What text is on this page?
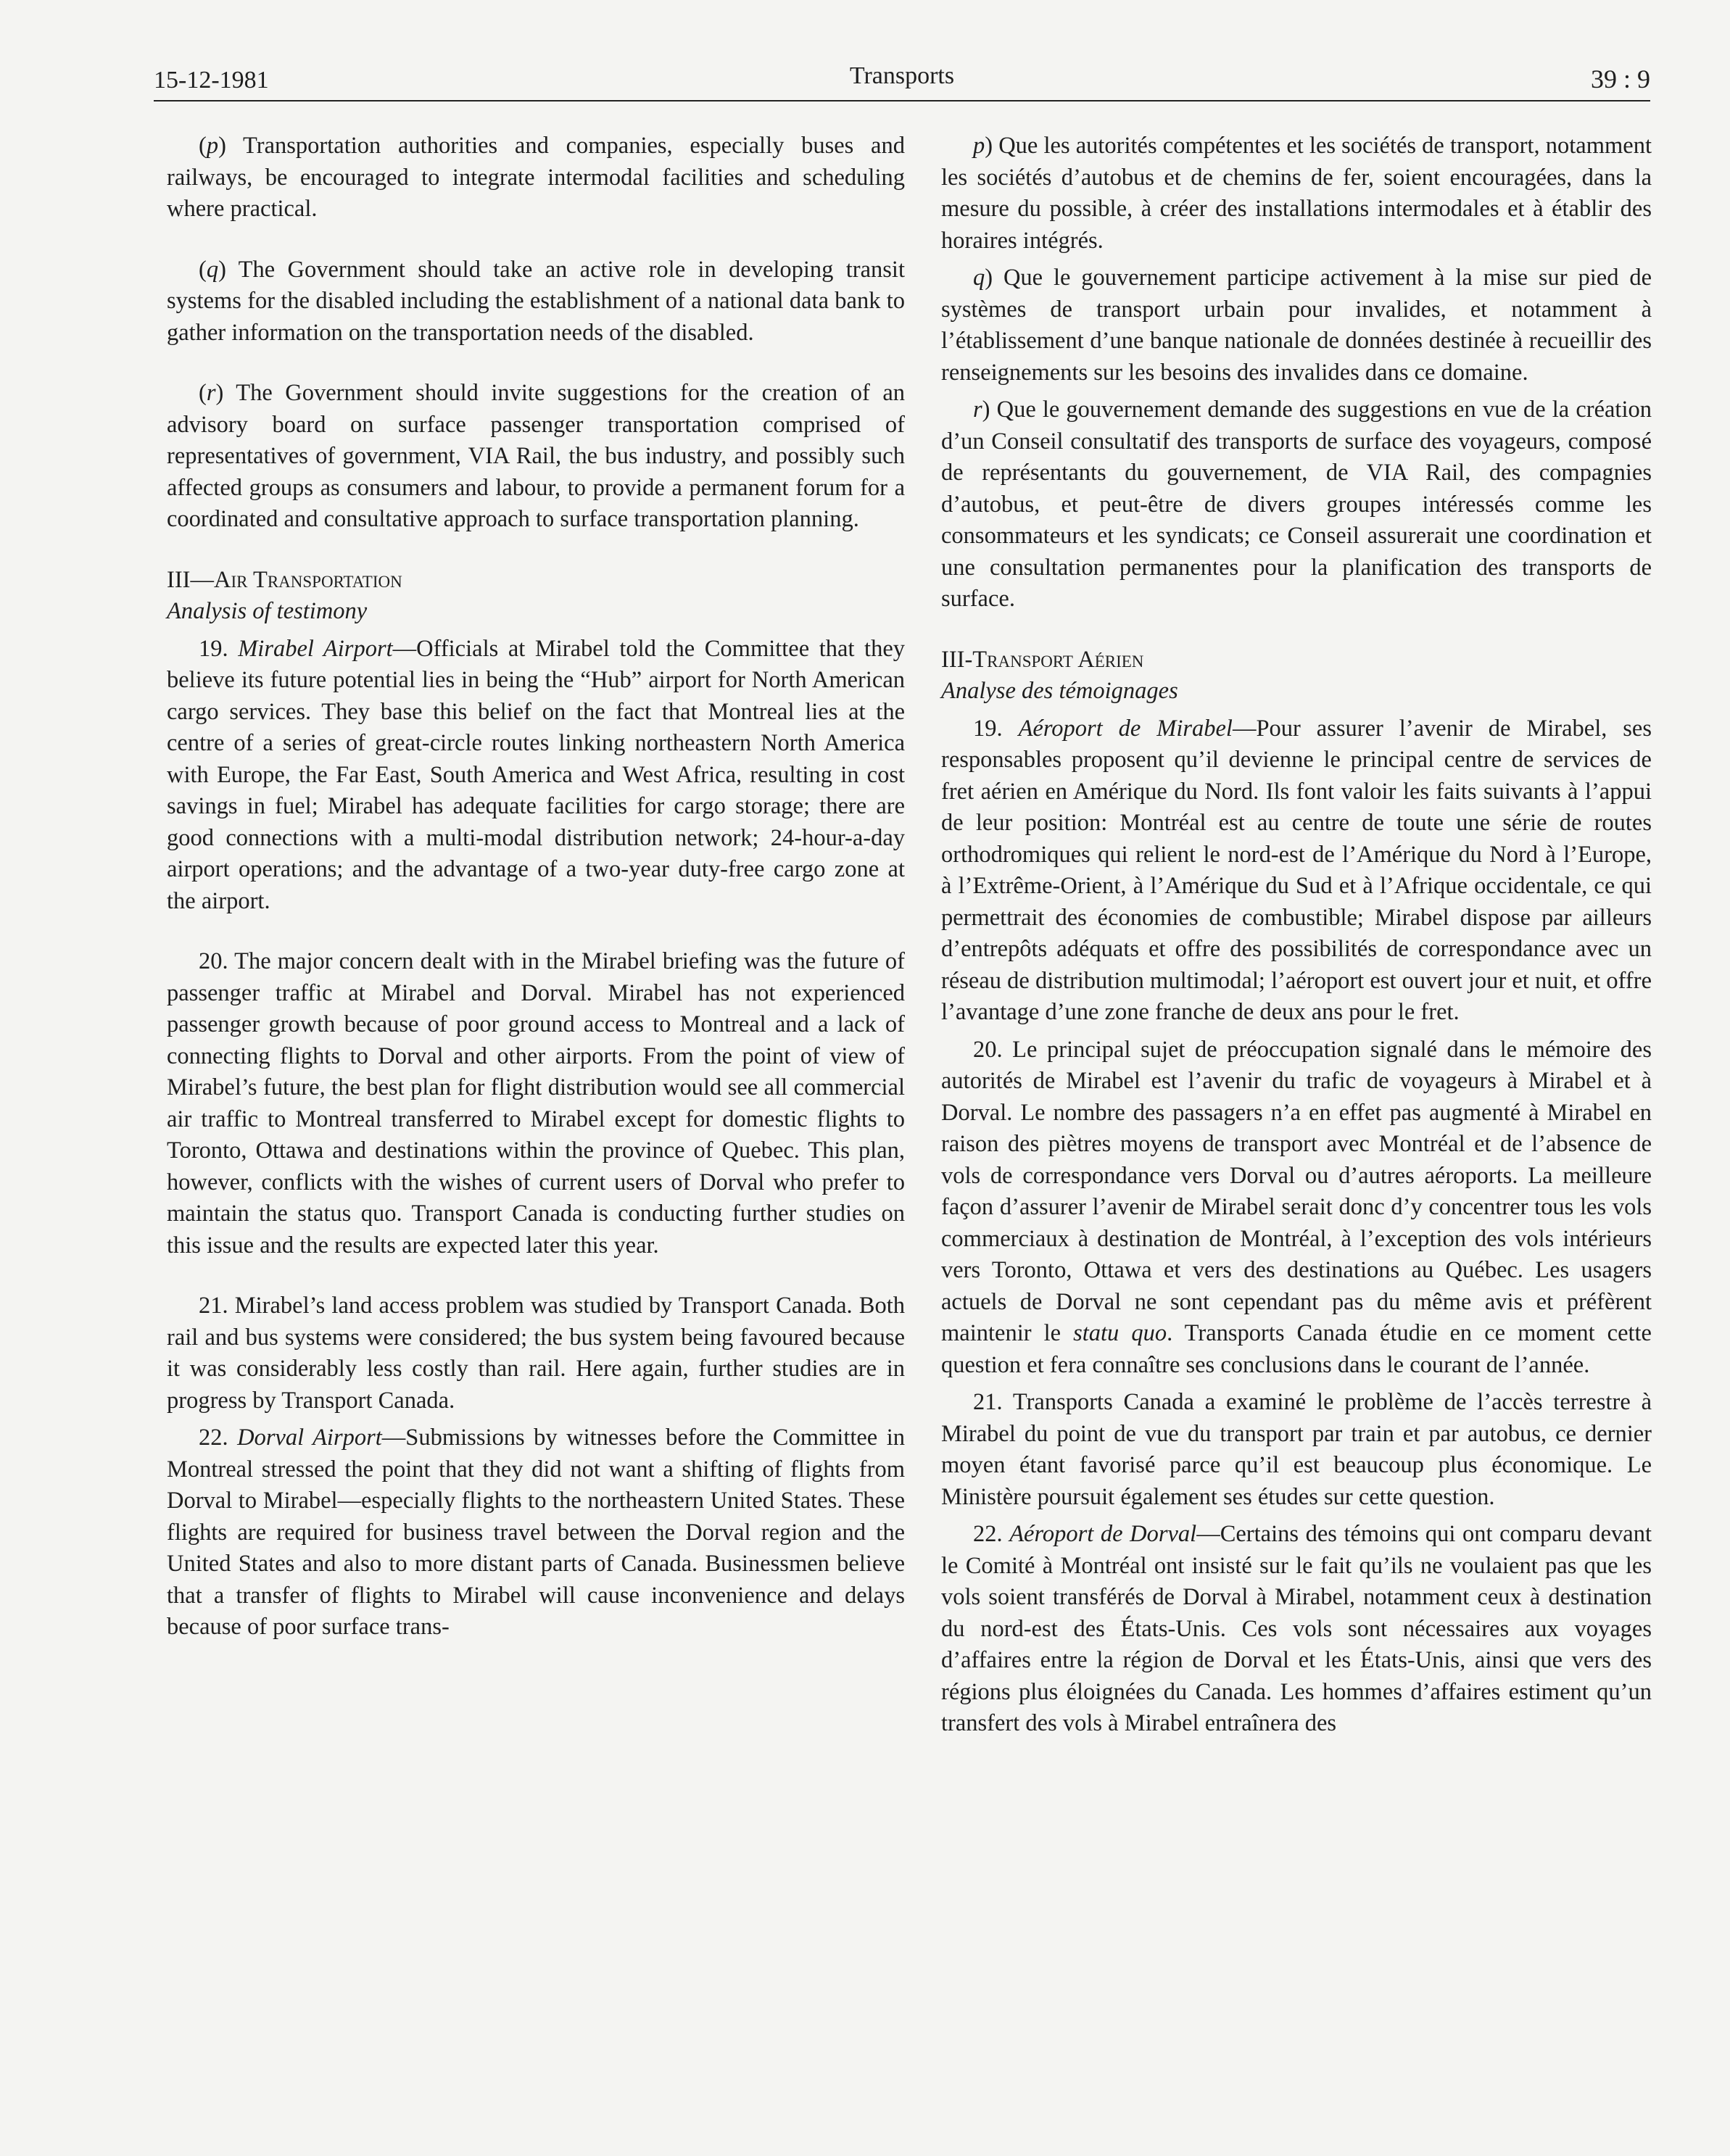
15-12-1981	Transports	39 : 9

(p) Transportation authorities and companies, especially buses and railways, be encouraged to integrate intermodal facilities and scheduling where practical.

(q) The Government should take an active role in developing transit systems for the disabled including the establishment of a national data bank to gather information on the transportation needs of the disabled.

(r) The Government should invite suggestions for the creation of an advisory board on surface passenger transportation comprised of representatives of government, VIA Rail, the bus industry, and possibly such affected groups as consumers and labour, to provide a permanent forum for a coordinated and consultative approach to surface transportation planning.

III—Air Transportation
Analysis of testimony

19. Mirabel Airport—Officials at Mirabel told the Committee that they believe its future potential lies in being the “Hub” airport for North American cargo services. They base this belief on the fact that Montreal lies at the centre of a series of great-circle routes linking northeastern North America with Europe, the Far East, South America and West Africa, resulting in cost savings in fuel; Mirabel has adequate facilities for cargo storage; there are good connections with a multi-modal distribution network; 24-hour-a-day airport operations; and the advantage of a two-year duty-free cargo zone at the airport.

20. The major concern dealt with in the Mirabel briefing was the future of passenger traffic at Mirabel and Dorval. Mirabel has not experienced passenger growth because of poor ground access to Montreal and a lack of connecting flights to Dorval and other airports. From the point of view of Mirabel’s future, the best plan for flight distribution would see all commercial air traffic to Montreal transferred to Mirabel except for domestic flights to Toronto, Ottawa and destinations within the province of Quebec. This plan, however, conflicts with the wishes of current users of Dorval who prefer to maintain the status quo. Transport Canada is conducting further studies on this issue and the results are expected later this year.

21. Mirabel’s land access problem was studied by Transport Canada. Both rail and bus systems were considered; the bus system being favoured because it was considerably less costly than rail. Here again, further studies are in progress by Transport Canada.

22. Dorval Airport—Submissions by witnesses before the Committee in Montreal stressed the point that they did not want a shifting of flights from Dorval to Mirabel—especially flights to the northeastern United States. These flights are required for business travel between the Dorval region and the United States and also to more distant parts of Canada. Businessmen believe that a transfer of flights to Mirabel will cause inconvenience and delays because of poor surface trans-

p) Que les autorités compétentes et les sociétés de transport, notamment les sociétés d’autobus et de chemins de fer, soient encouragées, dans la mesure du possible, à créer des installations intermodales et à établir des horaires intégrés.

q) Que le gouvernement participe activement à la mise sur pied de systèmes de transport urbain pour invalides, et notamment à l’établissement d’une banque nationale de données destinée à recueillir des renseignements sur les besoins des invalides dans ce domaine.

r) Que le gouvernement demande des suggestions en vue de la création d’un Conseil consultatif des transports de surface des voyageurs, composé de représentants du gouvernement, de VIA Rail, des compagnies d’autobus, et peut-être de divers groupes intéressés comme les consommateurs et les syndicats; ce Conseil assurerait une coordination et une consultation permanentes pour la planification des transports de surface.

III-Transport Aérien
Analyse des témoignages

19. Aéroport de Mirabel—Pour assurer l’avenir de Mirabel, ses responsables proposent qu’il devienne le principal centre de services de fret aérien en Amérique du Nord. Ils font valoir les faits suivants à l’appui de leur position: Montréal est au centre de toute une série de routes orthodromiques qui relient le nord-est de l’Amérique du Nord à l’Europe, à l’Extrême-Orient, à l’Amérique du Sud et à l’Afrique occidentale, ce qui permettrait des économies de combustible; Mirabel dispose par ailleurs d’entrepôts adéquats et offre des possibilités de correspondance avec un réseau de distribution multimodal; l’aéroport est ouvert jour et nuit, et offre l’avantage d’une zone franche de deux ans pour le fret.

20. Le principal sujet de préoccupation signalé dans le mémoire des autorités de Mirabel est l’avenir du trafic de voyageurs à Mirabel et à Dorval. Le nombre des passagers n’a en effet pas augmenté à Mirabel en raison des piètres moyens de transport avec Montréal et de l’absence de vols de correspondance vers Dorval ou d’autres aéroports. La meilleure façon d’assurer l’avenir de Mirabel serait donc d’y concentrer tous les vols commerciaux à destination de Montréal, à l’exception des vols intérieurs vers Toronto, Ottawa et vers des destinations au Québec. Les usagers actuels de Dorval ne sont cependant pas du même avis et préfèrent maintenir le statu quo. Transports Canada étudie en ce moment cette question et fera connaître ses conclusions dans le courant de l’année.

21. Transports Canada a examiné le problème de l’accès terrestre à Mirabel du point de vue du transport par train et par autobus, ce dernier moyen étant favorisé parce qu’il est beaucoup plus économique. Le Ministère poursuit également ses études sur cette question.

22. Aéroport de Dorval—Certains des témoins qui ont comparu devant le Comité à Montréal ont insisté sur le fait qu’ils ne voulaient pas que les vols soient transférés de Dorval à Mirabel, notamment ceux à destination du nord-est des États-Unis. Ces vols sont nécessaires aux voyages d’affaires entre la région de Dorval et les États-Unis, ainsi que vers des régions plus éloignées du Canada. Les hommes d’affaires estiment qu’un transfert des vols à Mirabel entraînera des
